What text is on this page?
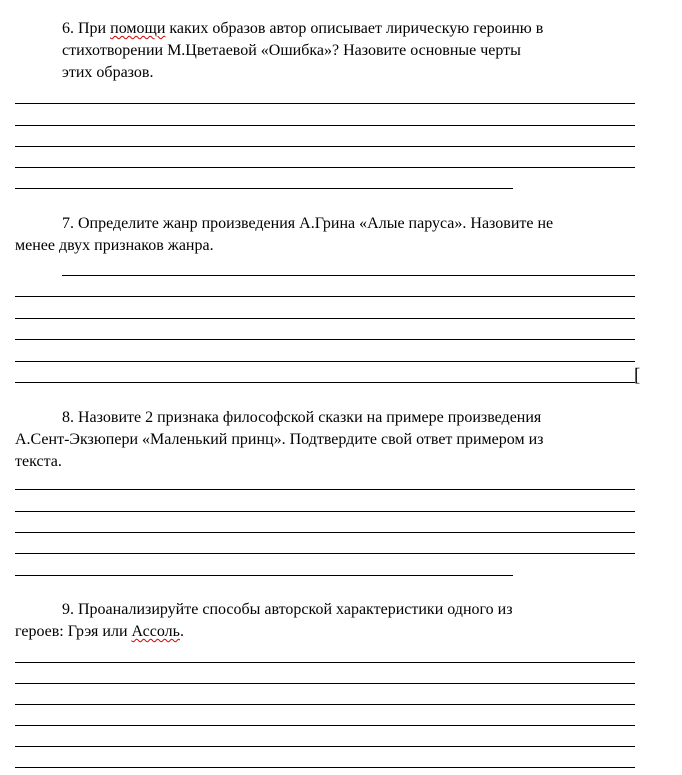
6. При помощи каких образов автор описывает лирическую героиню в
стихотворении М.Цветаевой «Ошибка»? Назовите основные черты
этих образов.
7. Определите жанр произведения А.Грина «Алые паруса». Назовите не
менее двух признаков жанра.
[
8. Назовите 2 признака философской сказки на примере произведения
А.Сент-Экзюпери «Маленький принц». Подтвердите свой ответ примером из
текста.
9. Проанализируйте способы авторской характеристики одного из
героев: Грэя или Ассоль.
